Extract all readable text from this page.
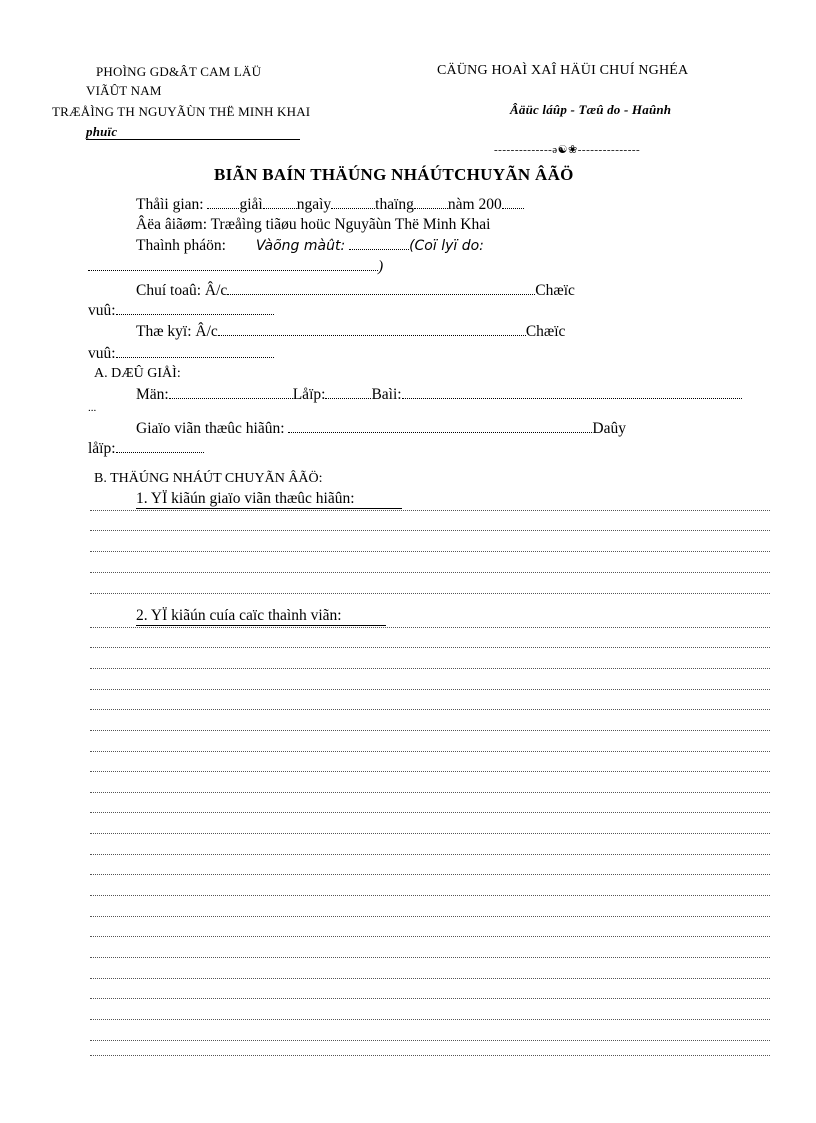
PHOÌNG GD&ÂT CAM LÄÜ
VIÃÛT NAM
TRÆÅÌNG TH NGUYÃÙN THË MINH KHAI
phuïc
CÄÜNG HOAÌ XAÎ HÄÜI CHUÍ NGHÉA
Âäüc láûp - Tæû do - Haûnh
--------------ǝ☯❀---------------
BIÃN BAÍN THÄÚNG NHÁÚTCHUYÃN ÂÃÖ
Thåìi gian: giåì ngaìy	thaïng nàm 200
Âëa âiãøm: Træåìng tiãøu hoüc Nguyãùn Thë Minh Khai
Thaình pháön: Vàõng màût:	(Coï lyï do:
)
Chuí toaû: Â/c	Chæïc
vuû:
Thæ kyï: Â/c	Chæïc
vuû:
A. DÆÛ GIÅÌ:
Män:	Låïp:	Baìi:
...
Giaïo viãn thæûc hiãûn:	Daûy
låïp:
B. THÄÚNG NHÁÚT CHUYÃN ÂÃÖ:
1. YÏ kiãún giaïo viãn thæûc hiãûn:
2. YÏ kiãún cuía caïc thaình viãn:
